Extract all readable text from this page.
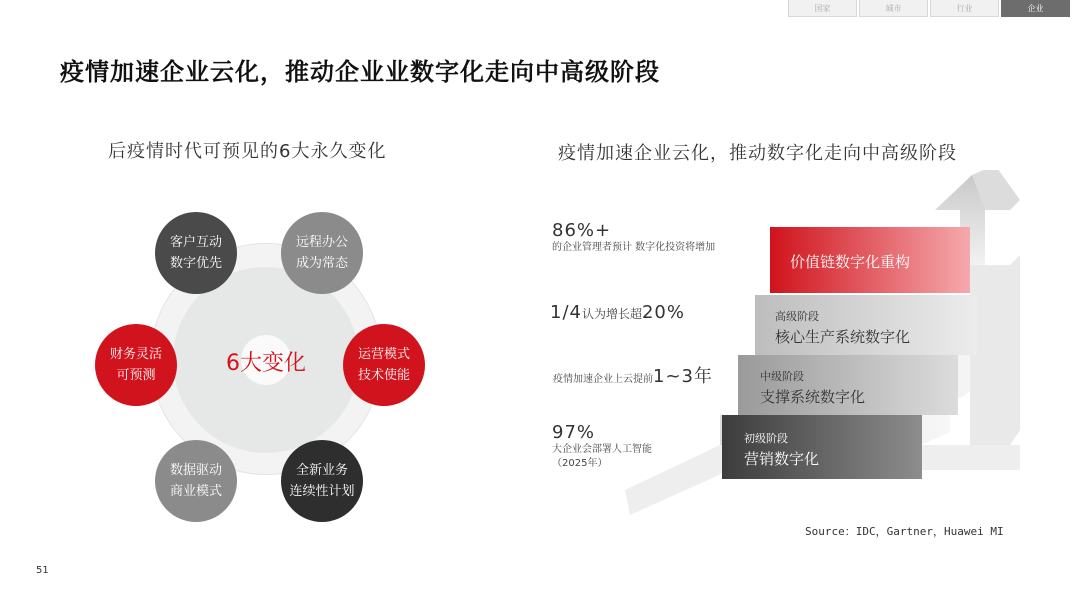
国家	城市	行业	企业
疫情加速企业云化，推动企业业数字化走向中高级阶段
后疫情时代可预见的6大永久变化	疫情加速企业云化，推动数字化走向中高级阶段
6大变化
客户互动
数字优先
远程办公
成为常态
财务灵活
可预测
运营模式
技术使能
数据驱动
商业模式
全新业务
连续性计划
价值链数字化重构
高级阶段
核心生产系统数字化
中级阶段
支撑系统数字化
初级阶段
营销数字化
86%+
的企业管理者预计 数字化投资将增加
1/4 认为增长超 20%
疫情加速企业上云提前 1~3年
97%
大企业会部署人工智能
（2025年）
Source：IDC，Gartner，Huawei MI
51
